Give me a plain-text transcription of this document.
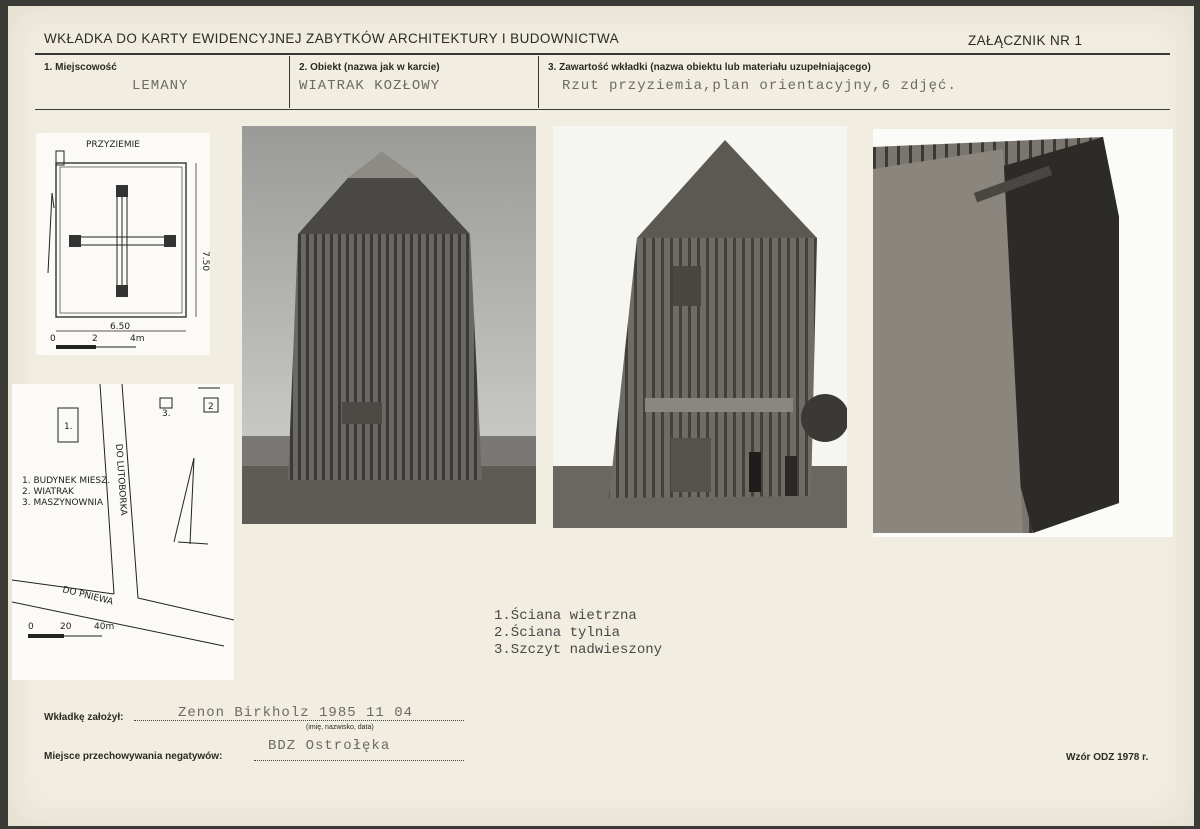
WKŁADKA DO KARTY EWIDENCYJNEJ ZABYTKÓW ARCHITEKTURY I BUDOWNICTWA	ZAŁĄCZNIK NR 1
1. Miejscowość
LEMANY
2. Obiekt (nazwa jak w karcie)
WIATRAK KOZŁOWY
3. Zawartość wkładki (nazwa obiektu lub materiału uzupełniającego)
Rzut przyziemia,plan orientacyjny,6 zdjęć.
PRZYZIEMIE
7.50
6.50
0	2	4m
1.
3.
2
1. BUDYNEK MIESZ.
2. WIATRAK
3. MASZYNOWNIA DO LUTOBORKA
DO PNIEWA
0	20	40m
1.Ściana wietrzna
2.Ściana tylnia
3.Szczyt nadwieszony
Wkładkę założył:	Zenon Birkholz 1985 11 04
(imię, nazwisko, data)
Miejsce przechowywania negatywów:
BDZ Ostrołęka
Wzór ODZ 1978 r.
